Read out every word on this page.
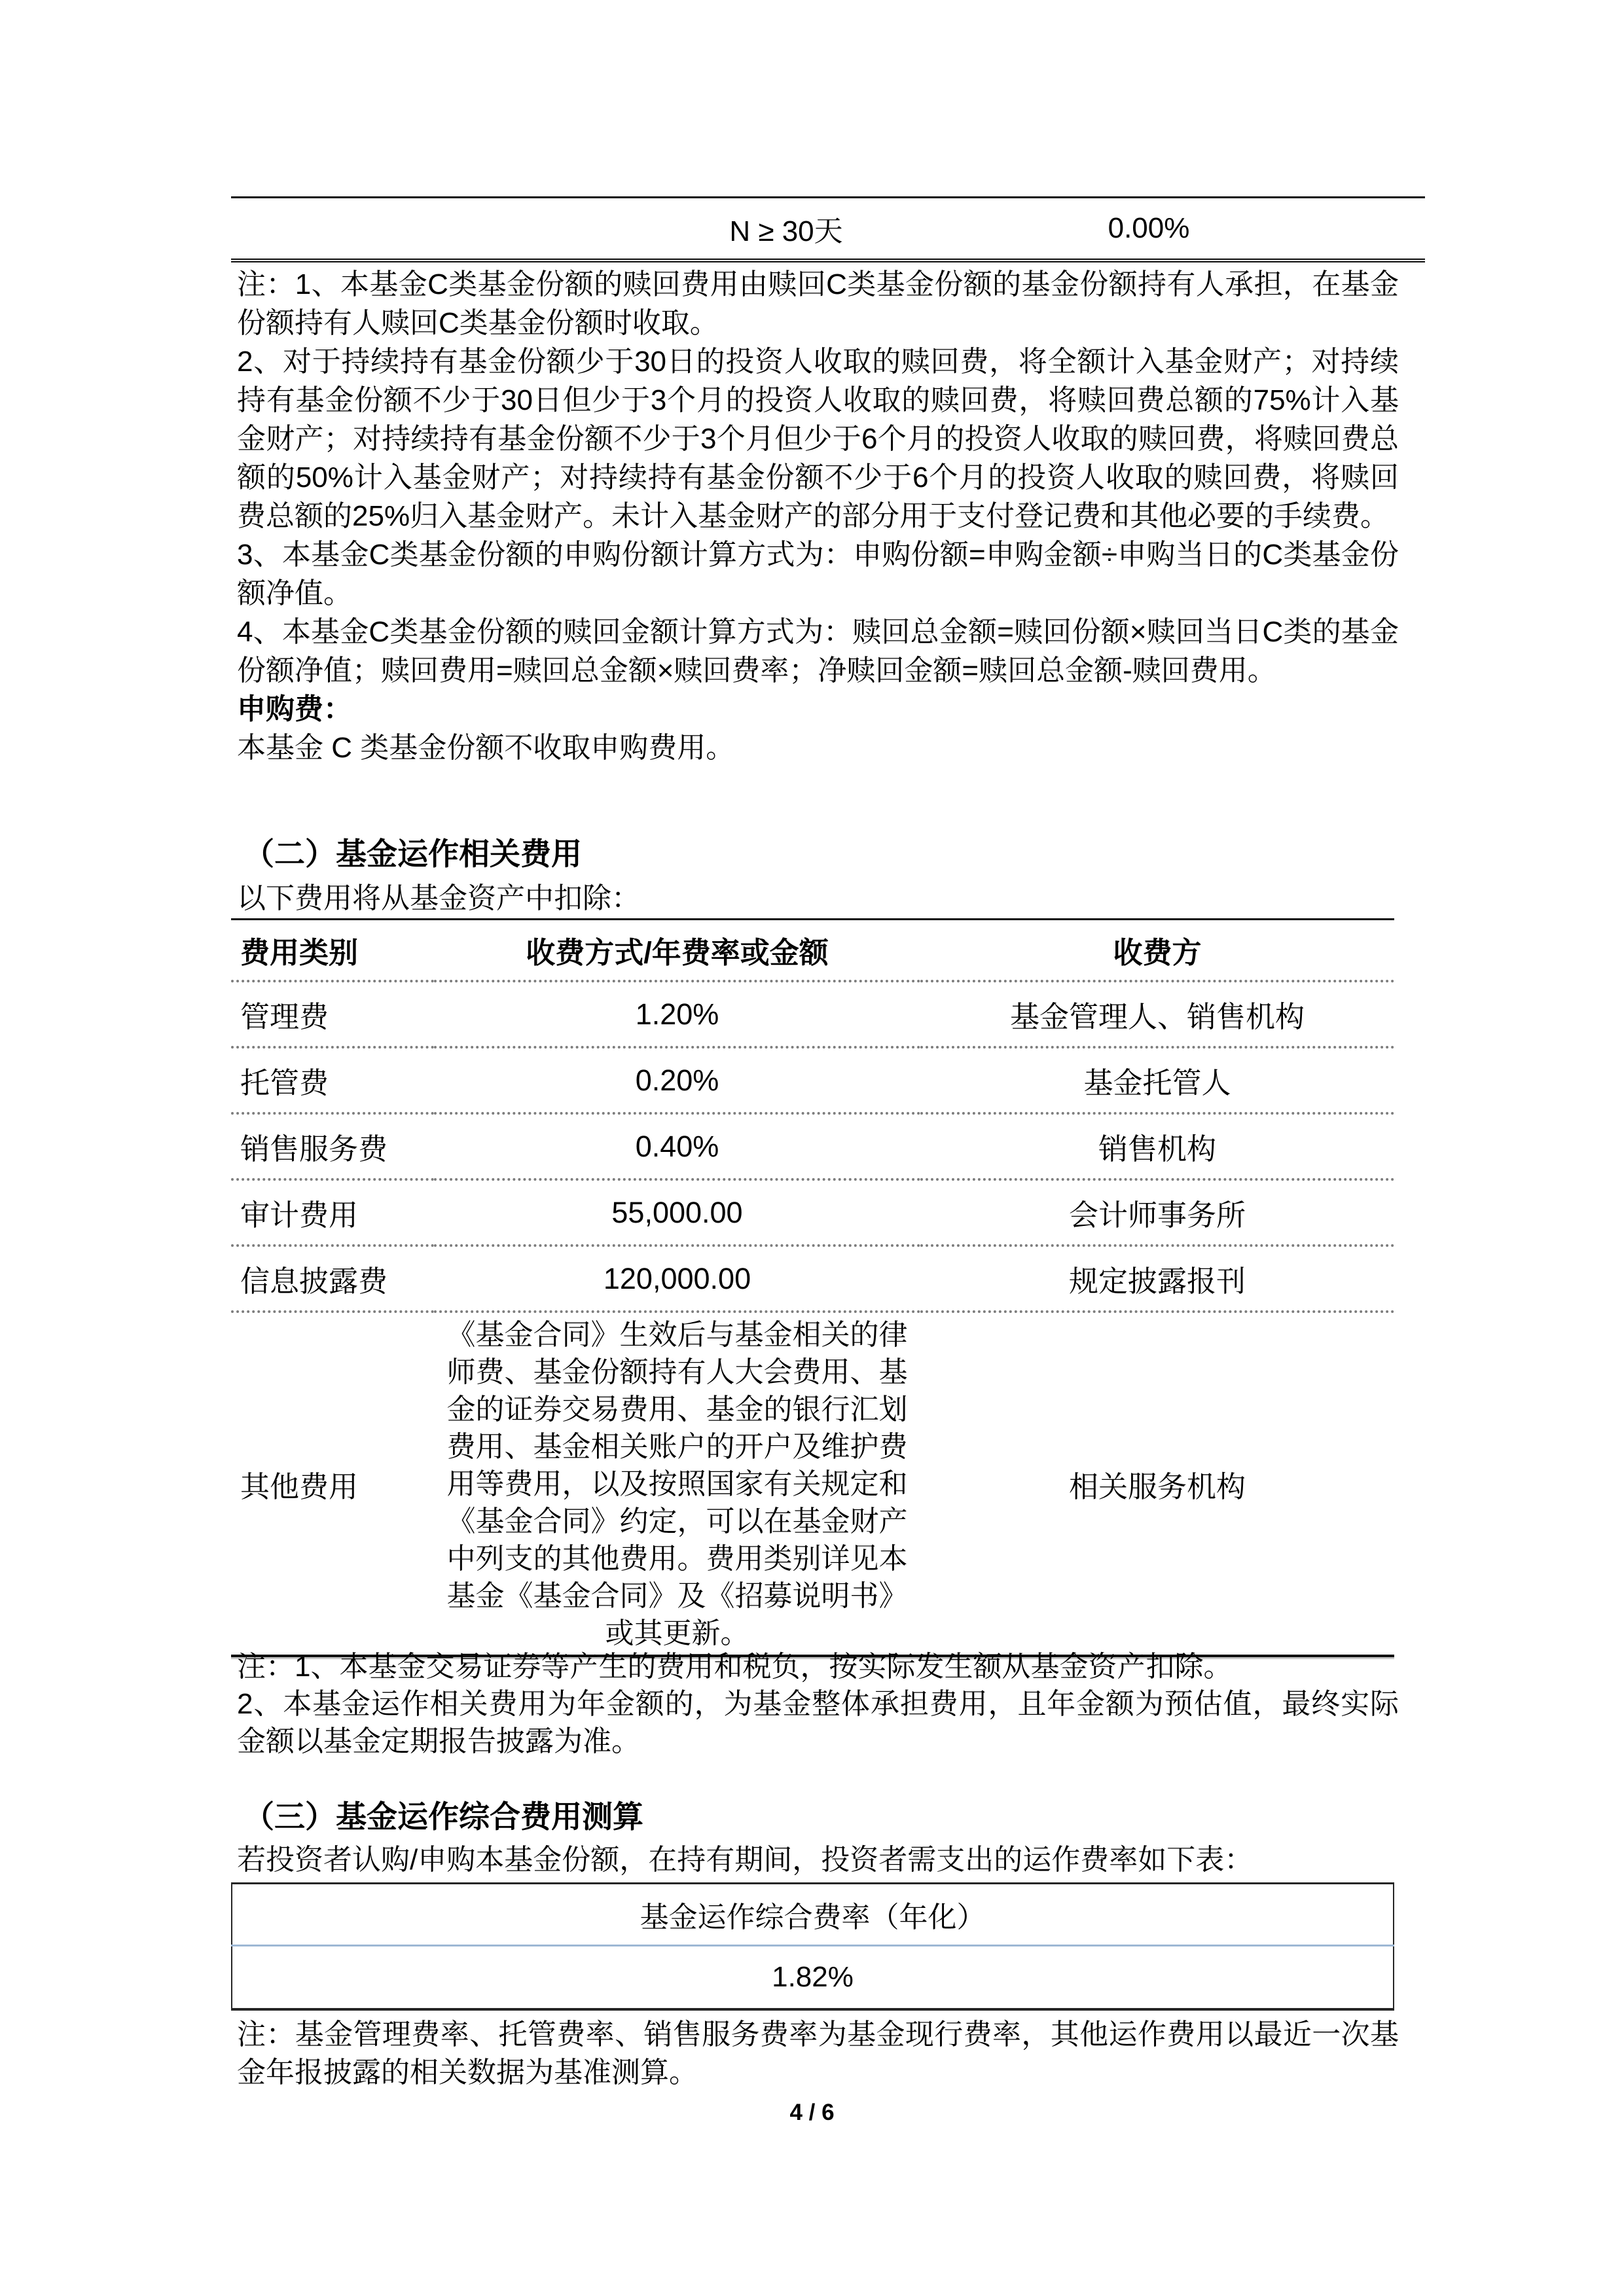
	N ≥ 30天	0.00%	

注：1、本基金C类基金份额的赎回费用由赎回C类基金份额的基金份额持有人承担，在基金份额持有人赎回C类基金份额时收取。

2、对于持续持有基金份额少于30日的投资人收取的赎回费，将全额计入基金财产；对持续持有基金份额不少于30日但少于3个月的投资人收取的赎回费，将赎回费总额的75%计入基金财产；对持续持有基金份额不少于3个月但少于6个月的投资人收取的赎回费，将赎回费总额的50%计入基金财产；对持续持有基金份额不少于6个月的投资人收取的赎回费，将赎回费总额的25%归入基金财产。未计入基金财产的部分用于支付登记费和其他必要的手续费。

3、本基金C类基金份额的申购份额计算方式为：申购份额=申购金额÷申购当日的C类基金份额净值。

4、本基金C类基金份额的赎回金额计算方式为：赎回总金额=赎回份额×赎回当日C类的基金份额净值；赎回费用=赎回总金额×赎回费率；净赎回金额=赎回总金额-赎回费用。

申购费：

本基金 C 类基金份额不收取申购费用。

（二）基金运作相关费用
以下费用将从基金资产中扣除：
费用类别	收费方式/年费率或金额	收费方
管理费	1.20%	基金管理人、销售机构
托管费	0.20%	基金托管人
销售服务费	0.40%	销售机构
审计费用	55,000.00	会计师事务所
信息披露费	120,000.00	规定披露报刊
其他费用	《基金合同》生效后与基金相关的律师费、基金份额持有人大会费用、基金的证券交易费用、基金的银行汇划费用、基金相关账户的开户及维护费用等费用，以及按照国家有关规定和《基金合同》约定，可以在基金财产中列支的其他费用。费用类别详见本基金《基金合同》及《招募说明书》或其更新。	相关服务机构

注：1、本基金交易证券等产生的费用和税负，按实际发生额从基金资产扣除。

2、本基金运作相关费用为年金额的，为基金整体承担费用，且年金额为预估值，最终实际金额以基金定期报告披露为准。

（三）基金运作综合费用测算
若投资者认购/申购本基金份额，在持有期间，投资者需支出的运作费率如下表：
基金运作综合费率（年化）
1.82%
注：基金管理费率、托管费率、销售服务费率为基金现行费率，其他运作费用以最近一次基金年报披露的相关数据为基准测算。
4 / 6
